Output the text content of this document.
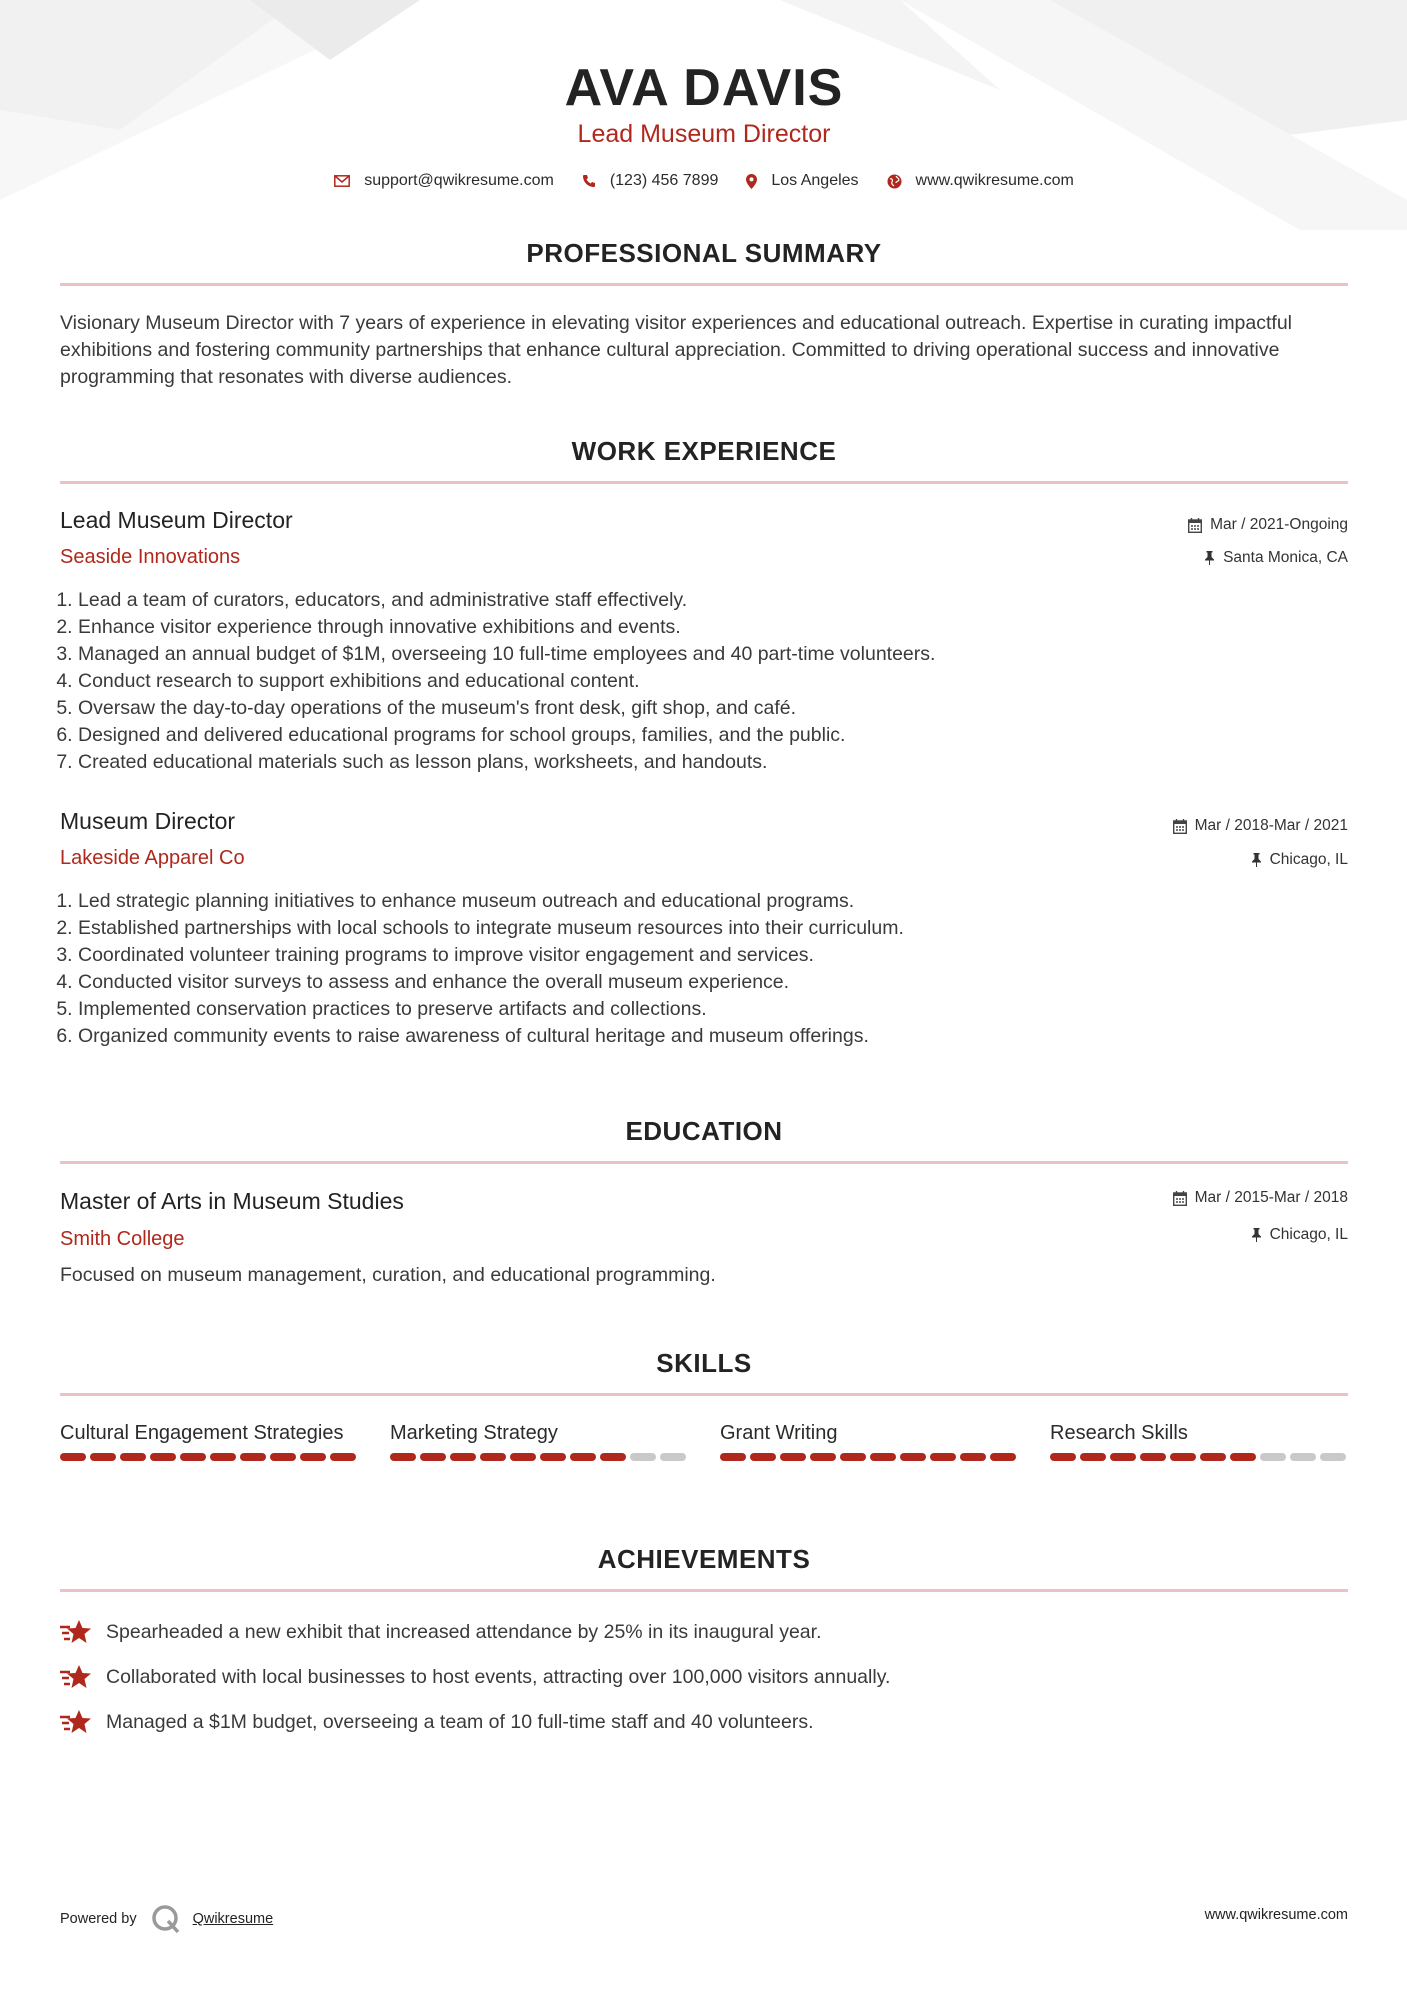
AVA DAVIS
Lead Museum Director
support@qwikresume.com	(123) 456 7899	Los Angeles	www.qwikresume.com
PROFESSIONAL SUMMARY
Visionary Museum Director with 7 years of experience in elevating visitor experiences and educational outreach. Expertise in curating impactful exhibitions and fostering community partnerships that enhance cultural appreciation. Committed to driving operational success and innovative programming that resonates with diverse audiences.
WORK EXPERIENCE
Lead Museum Director
Seaside Innovations
Mar / 2021-Ongoing
Santa Monica, CA
1. Lead a team of curators, educators, and administrative staff effectively.
2. Enhance visitor experience through innovative exhibitions and events.
3. Managed an annual budget of $1M, overseeing 10 full-time employees and 40 part-time volunteers.
4. Conduct research to support exhibitions and educational content.
5. Oversaw the day-to-day operations of the museum's front desk, gift shop, and café.
6. Designed and delivered educational programs for school groups, families, and the public.
7. Created educational materials such as lesson plans, worksheets, and handouts.
Museum Director
Lakeside Apparel Co
Mar / 2018-Mar / 2021
Chicago, IL
1. Led strategic planning initiatives to enhance museum outreach and educational programs.
2. Established partnerships with local schools to integrate museum resources into their curriculum.
3. Coordinated volunteer training programs to improve visitor engagement and services.
4. Conducted visitor surveys to assess and enhance the overall museum experience.
5. Implemented conservation practices to preserve artifacts and collections.
6. Organized community events to raise awareness of cultural heritage and museum offerings.
EDUCATION
Master of Arts in Museum Studies
Smith College
Mar / 2015-Mar / 2018
Chicago, IL
Focused on museum management, curation, and educational programming.
SKILLS
Cultural Engagement Strategies	Marketing Strategy	Grant Writing	Research Skills
ACHIEVEMENTS
Spearheaded a new exhibit that increased attendance by 25% in its inaugural year.
Collaborated with local businesses to host events, attracting over 100,000 visitors annually.
Managed a $1M budget, overseeing a team of 10 full-time staff and 40 volunteers.
Powered by	Qwikresume	www.qwikresume.com
